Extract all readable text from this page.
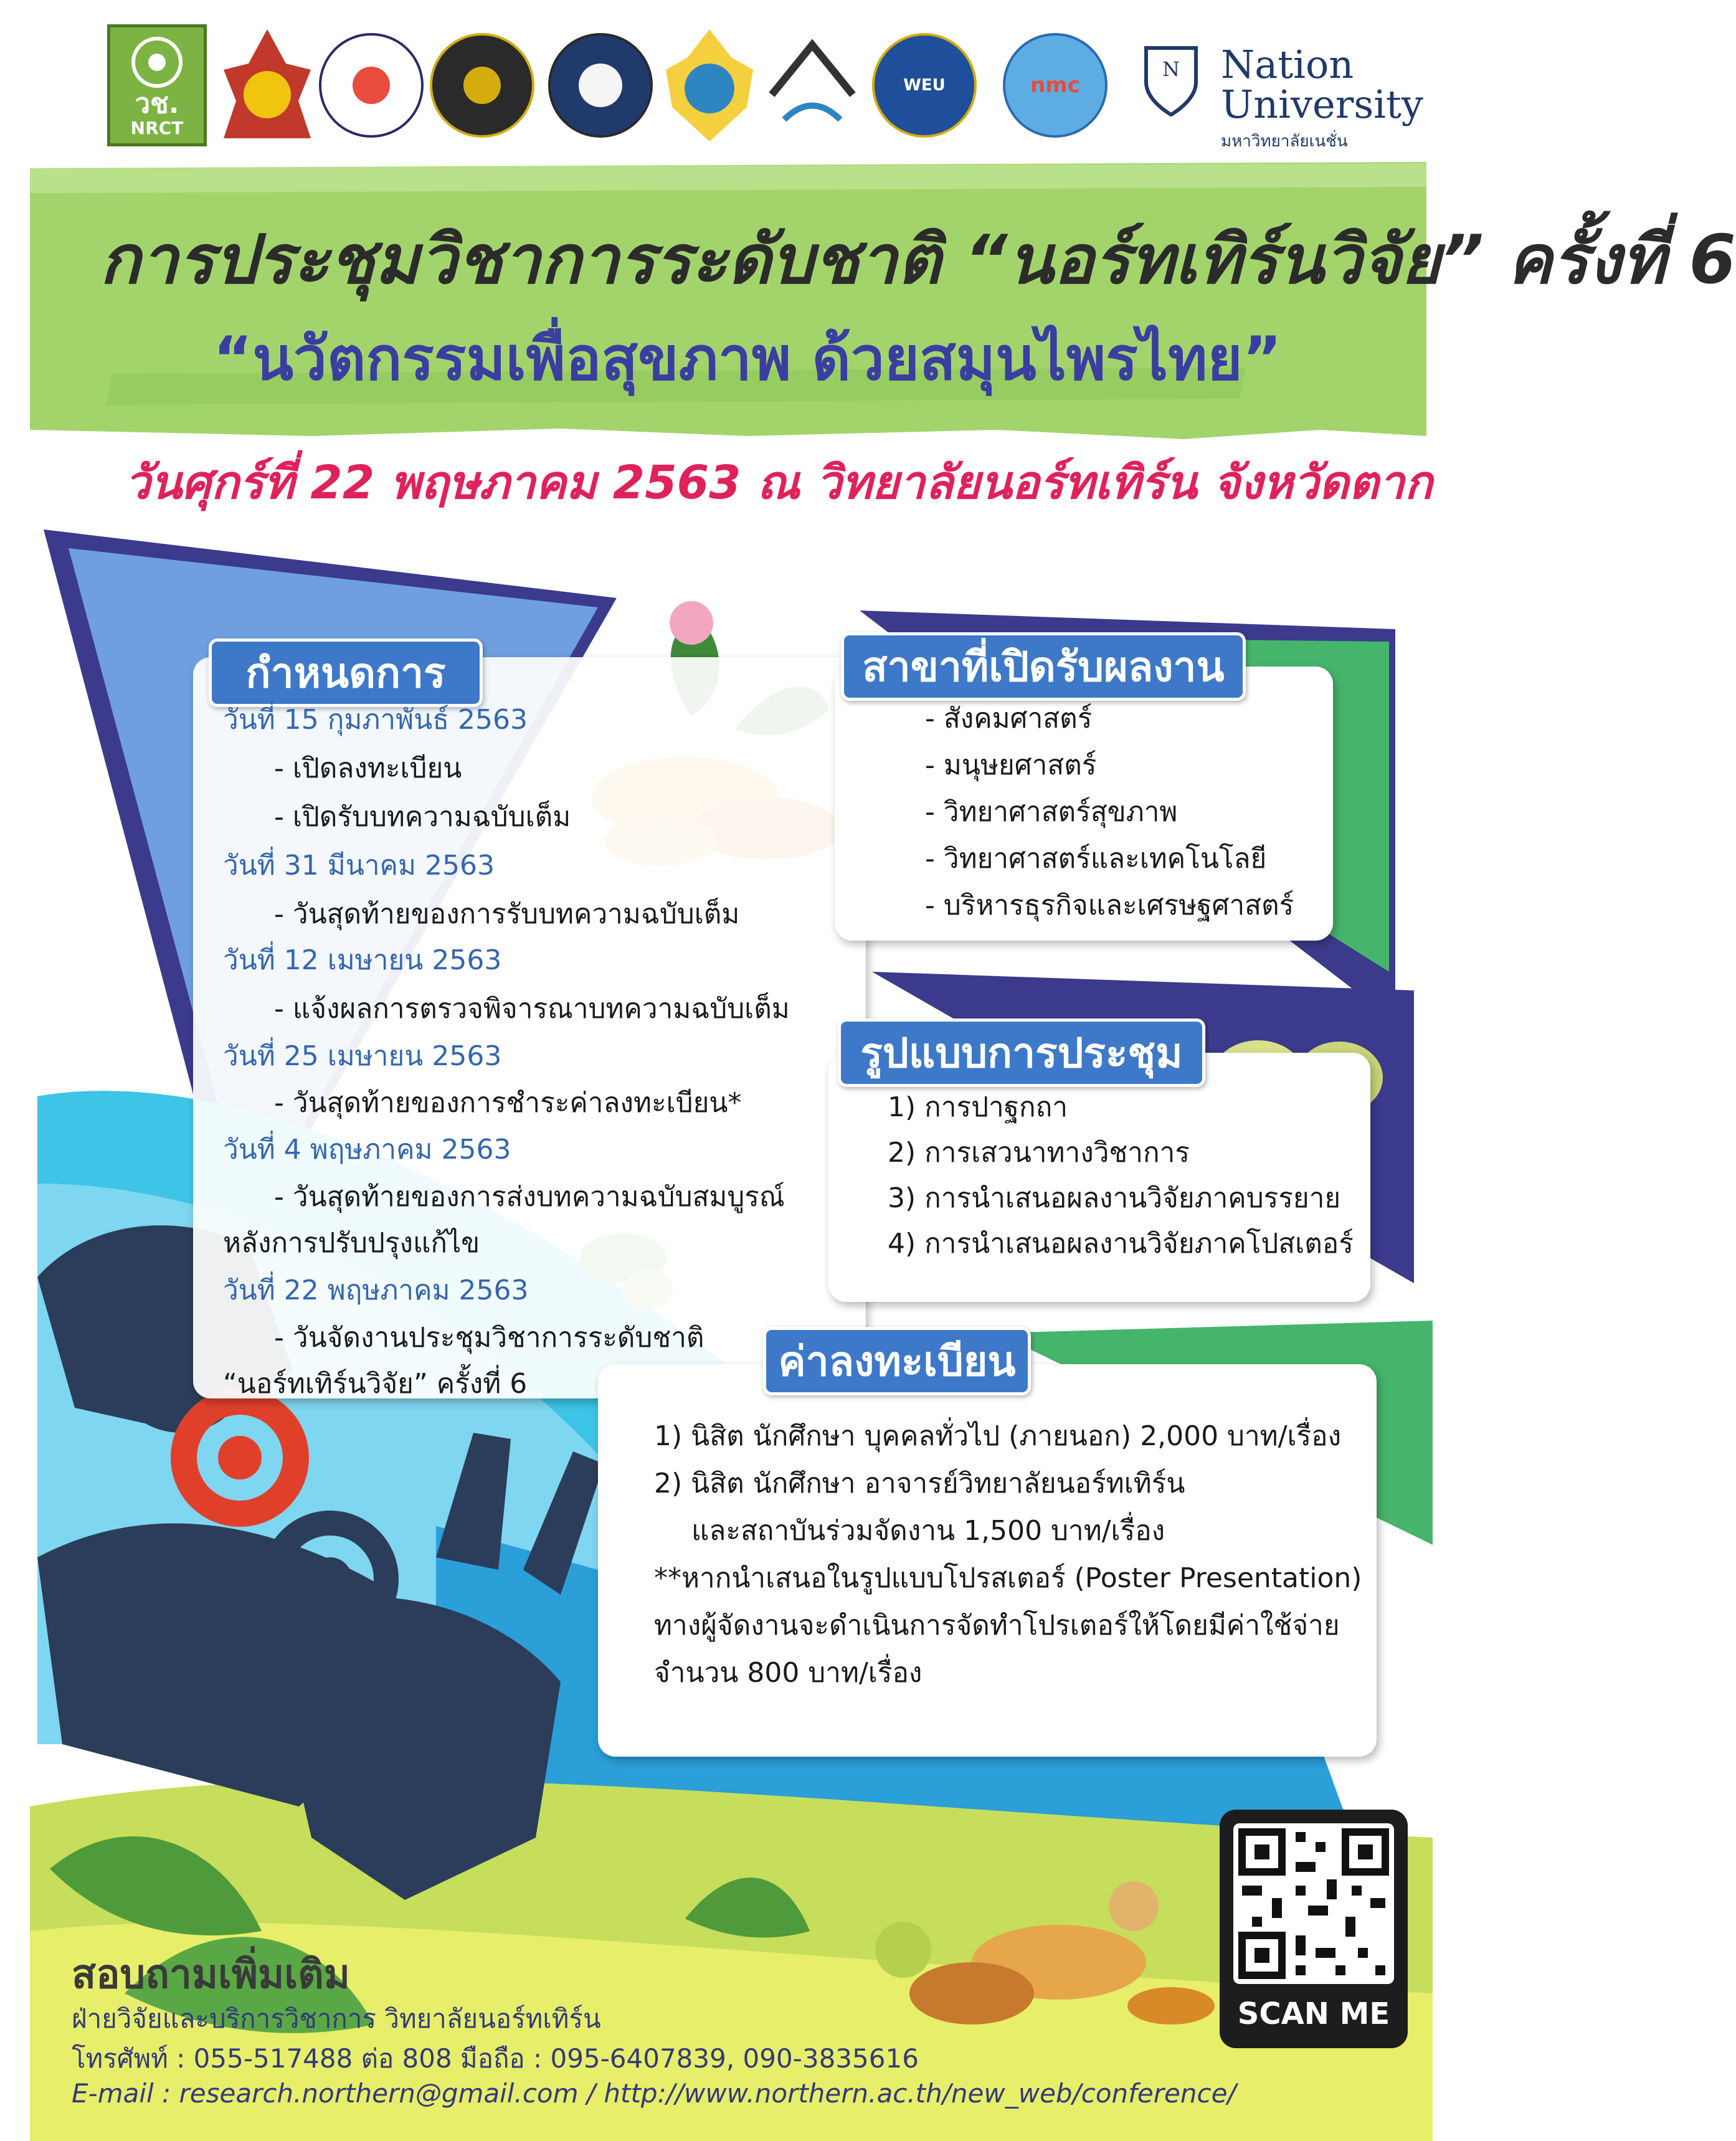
วช.
NRCT
WEU	nmc
N Nation
University
มหาวิทยาลัยเนชั่น
การประชุมวิชาการระดับชาติ “นอร์ทเทิร์นวิจัย” ครั้งที่ 6
“นวัตกรรมเพื่อสุขภาพ ด้วยสมุนไพรไทย”
วันศุกร์ที่ 22 พฤษภาคม 2563 ณ วิทยาลัยนอร์ทเทิร์น จังหวัดตาก
กำหนดการ
วันที่ 15 กุมภาพันธ์ 2563
- เปิดลงทะเบียน
- เปิดรับบทความฉบับเต็ม
วันที่ 31 มีนาคม 2563
- วันสุดท้ายของการรับบทความฉบับเต็ม
วันที่ 12 เมษายน 2563
- แจ้งผลการตรวจพิจารณาบทความฉบับเต็ม
วันที่ 25 เมษายน 2563
- วันสุดท้ายของการชำระค่าลงทะเบียน*
วันที่ 4 พฤษภาคม 2563
- วันสุดท้ายของการส่งบทความฉบับสมบูรณ์
หลังการปรับปรุงแก้ไข
วันที่ 22 พฤษภาคม 2563
- วันจัดงานประชุมวิชาการระดับชาติ
“นอร์ทเทิร์นวิจัย” ครั้งที่ 6
สาขาที่เปิดรับผลงาน
- สังคมศาสตร์
- มนุษยศาสตร์
- วิทยาศาสตร์สุขภาพ
- วิทยาศาสตร์และเทคโนโลยี
- บริหารธุรกิจและเศรษฐศาสตร์
รูปแบบการประชุม
1) การปาฐกถา
2) การเสวนาทางวิชาการ
3) การนำเสนอผลงานวิจัยภาคบรรยาย
4) การนำเสนอผลงานวิจัยภาคโปสเตอร์
ค่าลงทะเบียน
1) นิสิต นักศึกษา บุคคลทั่วไป (ภายนอก) 2,000 บาท/เรื่อง
2) นิสิต นักศึกษา อาจารย์วิทยาลัยนอร์ทเทิร์น
และสถาบันร่วมจัดงาน 1,500 บาท/เรื่อง
**หากนำเสนอในรูปแบบโปรสเตอร์ (Poster Presentation)
ทางผู้จัดงานจะดำเนินการจัดทำโปรเตอร์ให้โดยมีค่าใช้จ่าย
จำนวน 800 บาท/เรื่อง
SCAN ME
สอบถามเพิ่มเติม
ฝ่ายวิจัยและบริการวิชาการ วิทยาลัยนอร์ทเทิร์น
โทรศัพท์ : 055-517488 ต่อ 808 มือถือ : 095-6407839, 090-3835616
E-mail : research.northern@gmail.com / http://www.northern.ac.th/new_web/conference/
